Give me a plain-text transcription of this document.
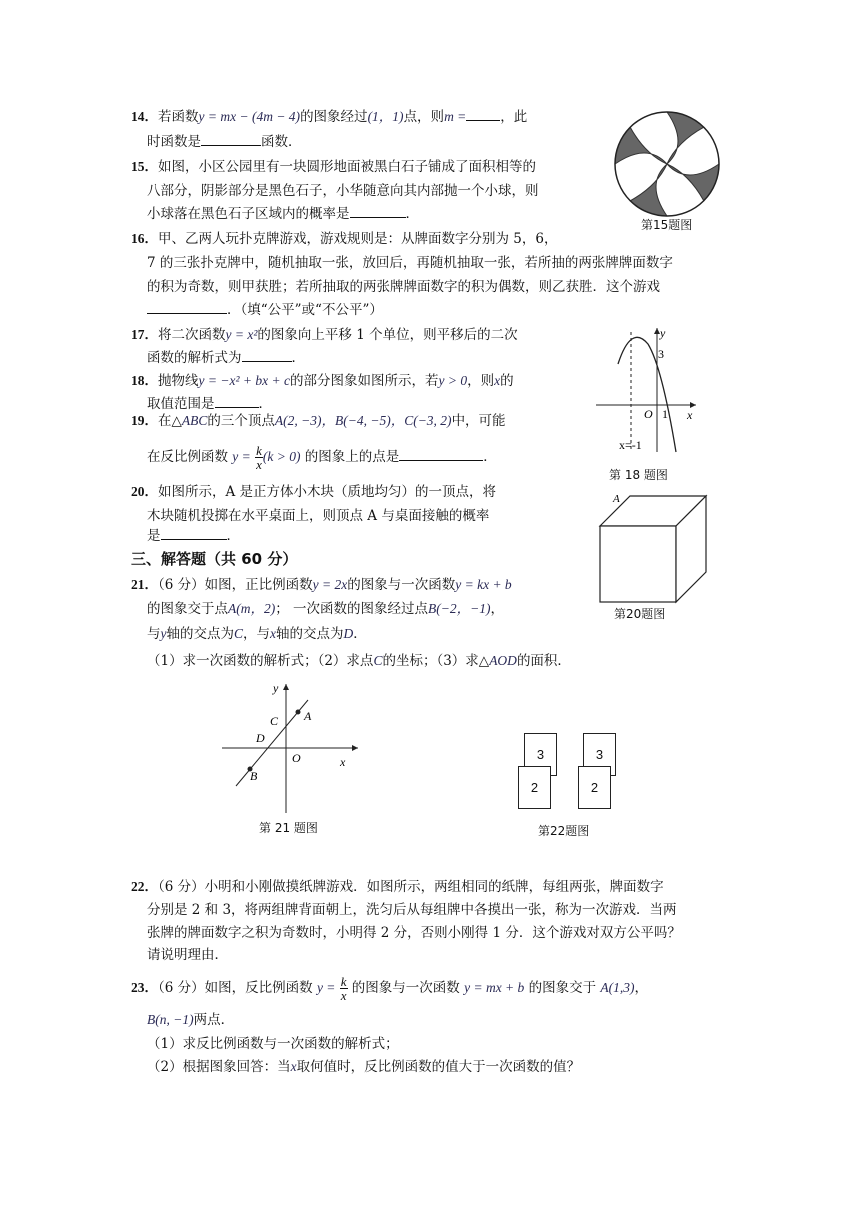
14．若函数y = mx − (4m − 4)的图象经过(1，1)点，则m =	，此
时函数是	函数．
15．如图，小区公园里有一块圆形地面被黑白石子铺成了面积相等的
八部分，阴影部分是黑色石子，小华随意向其内部抛一个小球，则
小球落在黑色石子区域内的概率是	．
第15题图
16．甲、乙两人玩扑克牌游戏，游戏规则是：从牌面数字分别为 5，6，
7 的三张扑克牌中，随机抽取一张，放回后，再随机抽取一张，若所抽的两张牌牌面数字
的积为奇数，则甲获胜；若所抽取的两张牌牌面数字的积为偶数，则乙获胜．这个游戏
．（填“公平”或“不公平”）
17．将二次函数y = x²的图象向上平移 1 个单位，则平移后的二次
函数的解析式为	．
18．抛物线y = −x² + bx + c的部分图象如图所示，若y > 0，则x的
取值范围是	．
y
x
3
O 1
x=-1
第 18 题图
19．在△ABC的三个顶点A(2, −3)，B(−4, −5)，C(−3, 2)中，可能
在反比例函数 $y = \frac{k}{x} (k > 0)$ 的图象上的点是	．
20．如图所示，A 是正方体小木块（质地均匀）的一顶点，将
木块随机投掷在水平桌面上，则顶点 A 与桌面接触的概率
是	．
A
第20题图
三、解答题（共 60 分）
21．（6 分）如图，正比例函数y = 2x的图象与一次函数y = kx + b
的图象交于点A(m，2)； 一次函数的图象经过点B(−2，−1)，
与y轴的交点为C，与x轴的交点为D．
（1）求一次函数的解析式；（2）求点C的坐标；（3）求△AOD的面积．
y
x
O
A
B
C
D
第 21 题图
3
2
3
2
第22题图
22．（6 分）小明和小刚做摸纸牌游戏．如图所示，两组相同的纸牌，每组两张，牌面数字
分别是 2 和 3，将两组牌背面朝上，洗匀后从每组牌中各摸出一张，称为一次游戏．当两
张牌的牌面数字之积为奇数时，小明得 2 分，否则小刚得 1 分．这个游戏对双方公平吗？
请说明理由．
23．（6 分）如图，反比例函数 $y = \frac{k}{x}$ 的图象与一次函数 y = mx + b 的图象交于 A(1,3)，
B(n, −1)两点．
（1）求反比例函数与一次函数的解析式；
（2）根据图象回答：当x取何值时，反比例函数的值大于一次函数的值？
